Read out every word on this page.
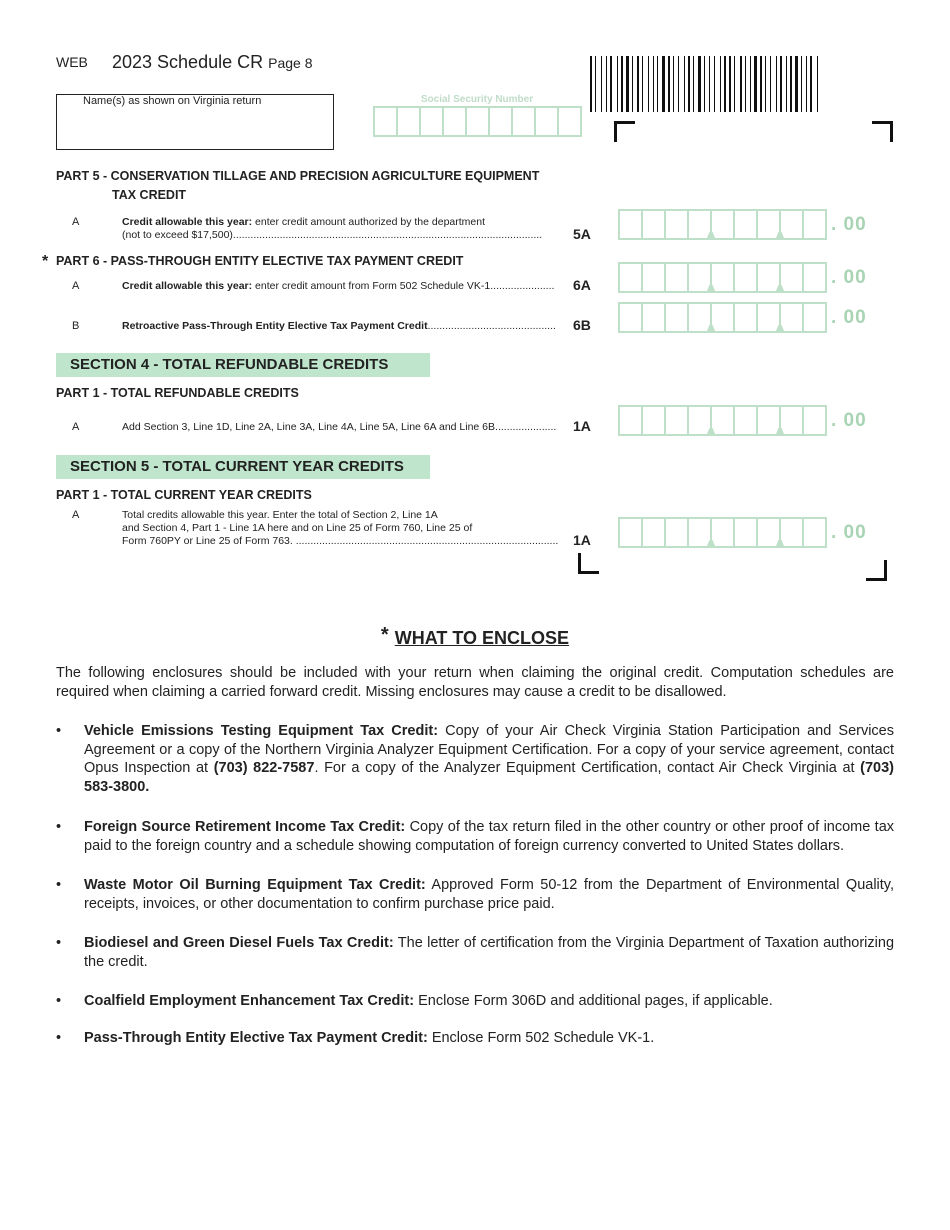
WEB 2023 Schedule CR Page 8
Name(s) as shown on Virginia return	Social Security Number
PART 5 - CONSERVATION TILLAGE AND PRECISION AGRICULTURE EQUIPMENT
TAX CREDIT
A	Credit allowable this year: enter credit amount authorized by the department
(not to exceed $17,500)..........................................................................................................	5A	. 00
* PART 6 - PASS-THROUGH ENTITY ELECTIVE TAX PAYMENT CREDIT
A	Credit allowable this year: enter credit amount from Form 502 Schedule VK-1......................	6A	. 00
B	Retroactive Pass-Through Entity Elective Tax Payment Credit............................................	6B	. 00
SECTION 4 - TOTAL REFUNDABLE CREDITS
PART 1 - TOTAL REFUNDABLE CREDITS
A	Add Section 3, Line 1D, Line 2A, Line 3A, Line 4A, Line 5A, Line 6A and Line 6B.....................	1A	. 00
SECTION 5 - TOTAL CURRENT YEAR CREDITS
PART 1 - TOTAL CURRENT YEAR CREDITS
A	Total credits allowable this year. Enter the total of Section 2, Line 1A
and Section 4, Part 1 - Line 1A here and on Line 25 of Form 760, Line 25 of
Form 760PY or Line 25 of Form 763. ..........................................................................................	1A	. 00
* WHAT TO ENCLOSE
The following enclosures should be included with your return when claiming the original credit. Computation schedules are required when claiming a carried forward credit. Missing enclosures may cause a credit to be disallowed.
• Vehicle Emissions Testing Equipment Tax Credit: Copy of your Air Check Virginia Station Participation and Services Agreement or a copy of the Northern Virginia Analyzer Equipment Certification. For a copy of your service agreement, contact Opus Inspection at (703) 822-7587. For a copy of the Analyzer Equipment Certification, contact Air Check Virginia at (703) 583-3800.
• Foreign Source Retirement Income Tax Credit: Copy of the tax return filed in the other country or other proof of income tax paid to the foreign country and a schedule showing computation of foreign currency converted to United States dollars.
• Waste Motor Oil Burning Equipment Tax Credit: Approved Form 50-12 from the Department of Environmental Quality, receipts, invoices, or other documentation to confirm purchase price paid.
• Biodiesel and Green Diesel Fuels Tax Credit: The letter of certification from the Virginia Department of Taxation authorizing the credit.
• Coalfield Employment Enhancement Tax Credit: Enclose Form 306D and additional pages, if applicable.
• Pass-Through Entity Elective Tax Payment Credit: Enclose Form 502 Schedule VK-1.
